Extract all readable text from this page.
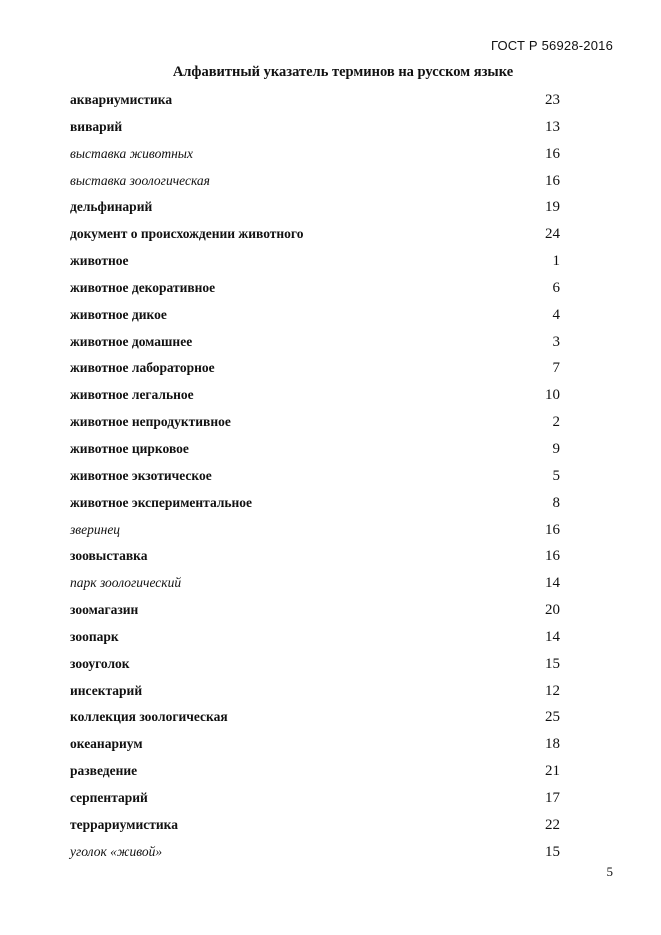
ГОСТ Р 56928-2016
Алфавитный указатель терминов на русском языке
аквариумистика	23
виварий	13
выставка животных	16
выставка зоологическая	16
дельфинарий	19
документ о происхождении животного	24
животное	1
животное декоративное	6
животное дикое	4
животное домашнее	3
животное лабораторное	7
животное легальное	10
животное непродуктивное	2
животное цирковое	9
животное экзотическое	5
животное экспериментальное	8
зверинец	16
зоовыставка	16
парк зоологический	14
зоомагазин	20
зоопарк	14
зооуголок	15
инсектарий	12
коллекция зоологическая	25
океанариум	18
разведение	21
серпентарий	17
террариумистика	22
уголок «живой»	15
5
